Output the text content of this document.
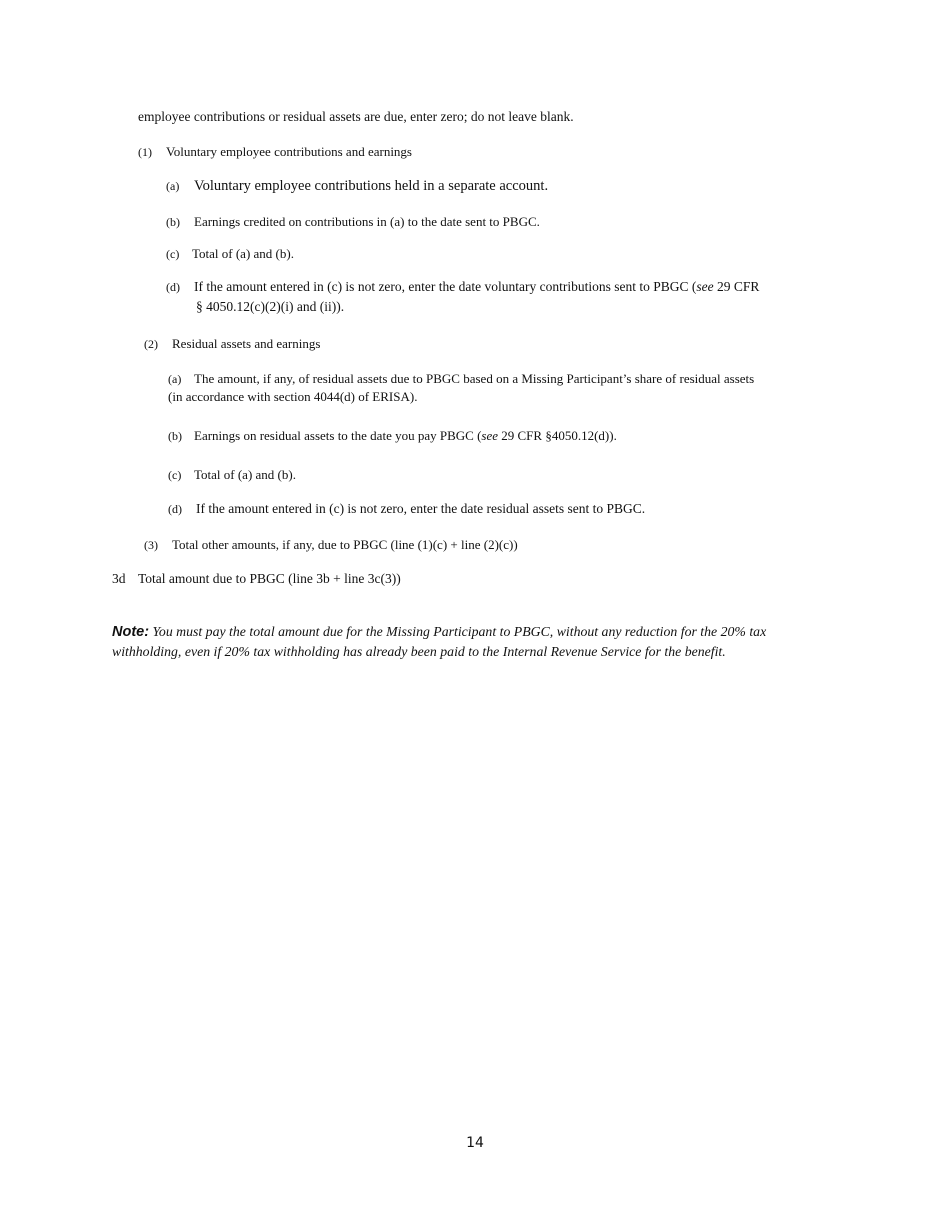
employee contributions or residual assets are due, enter zero; do not leave blank.
(1) Voluntary employee contributions and earnings
(a) Voluntary employee contributions held in a separate account.
(b) Earnings credited on contributions in (a) to the date sent to PBGC.
(c) Total of (a) and (b).
(d) If the amount entered in (c) is not zero, enter the date voluntary contributions sent to PBGC (see 29 CFR
§ 4050.12(c)(2)(i) and (ii)).
(2) Residual assets and earnings
(a) The amount, if any, of residual assets due to PBGC based on a Missing Participant’s share of residual assets
(in accordance with section 4044(d) of ERISA).
(b) Earnings on residual assets to the date you pay PBGC (see 29 CFR §4050.12(d)).
(c) Total of (a) and (b).
(d) If the amount entered in (c) is not zero, enter the date residual assets sent to PBGC.
(3) Total other amounts, if any, due to PBGC (line (1)(c) + line (2)(c))
3d Total amount due to PBGC (line 3b + line 3c(3))
Note: You must pay the total amount due for the Missing Participant to PBGC, without any reduction for the 20% tax withholding, even if 20% tax withholding has already been paid to the Internal Revenue Service for the benefit.
14
